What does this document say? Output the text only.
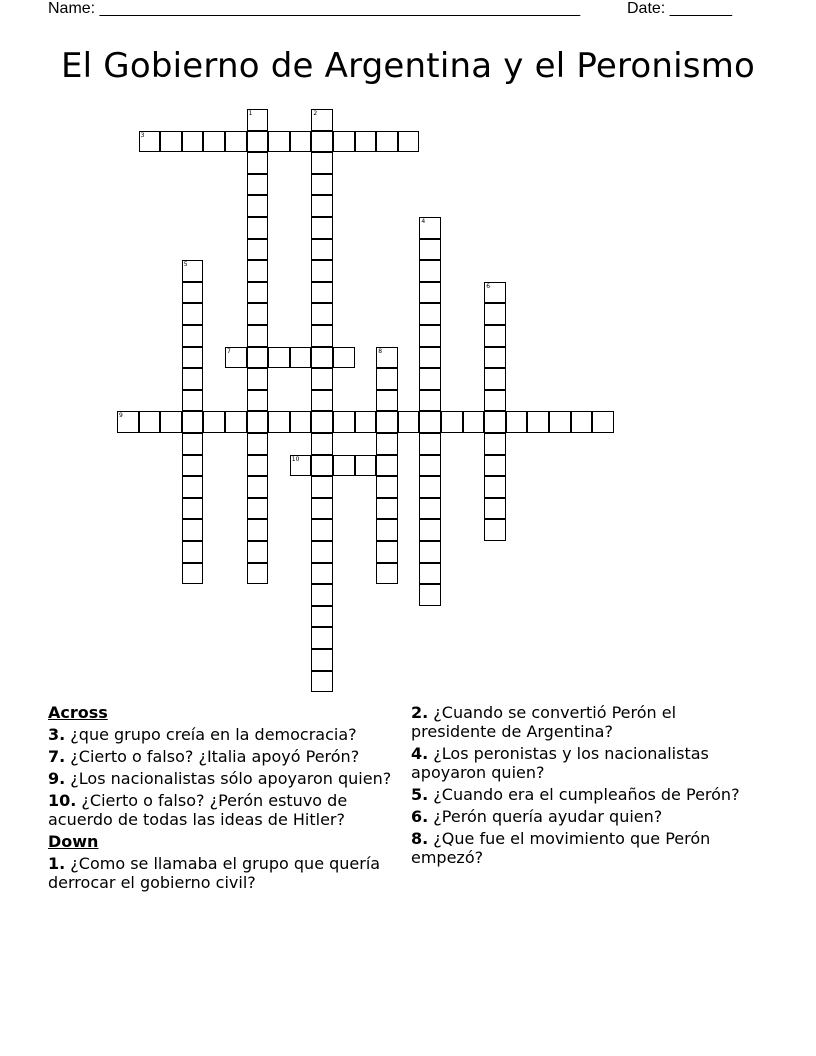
Name: ______________________________________________________	Date: _______
El Gobierno de Argentina y el Peronismo
1	2
3
4
5
6
7	8
9
10
Across
3. ¿que grupo creía en la democracia?
7. ¿Cierto o falso? ¿Italia apoyó Perón?
9. ¿Los nacionalistas sólo apoyaron quien?
10. ¿Cierto o falso? ¿Perón estuvo de acuerdo de todas las ideas de Hitler?
Down
1. ¿Como se llamaba el grupo que quería derrocar el gobierno civil?
2. ¿Cuando se convertió Perón el presidente de Argentina?
4. ¿Los peronistas y los nacionalistas apoyaron quien?
5. ¿Cuando era el cumpleaños de Perón?
6. ¿Perón quería ayudar quien?
8. ¿Que fue el movimiento que Perón empezó?
